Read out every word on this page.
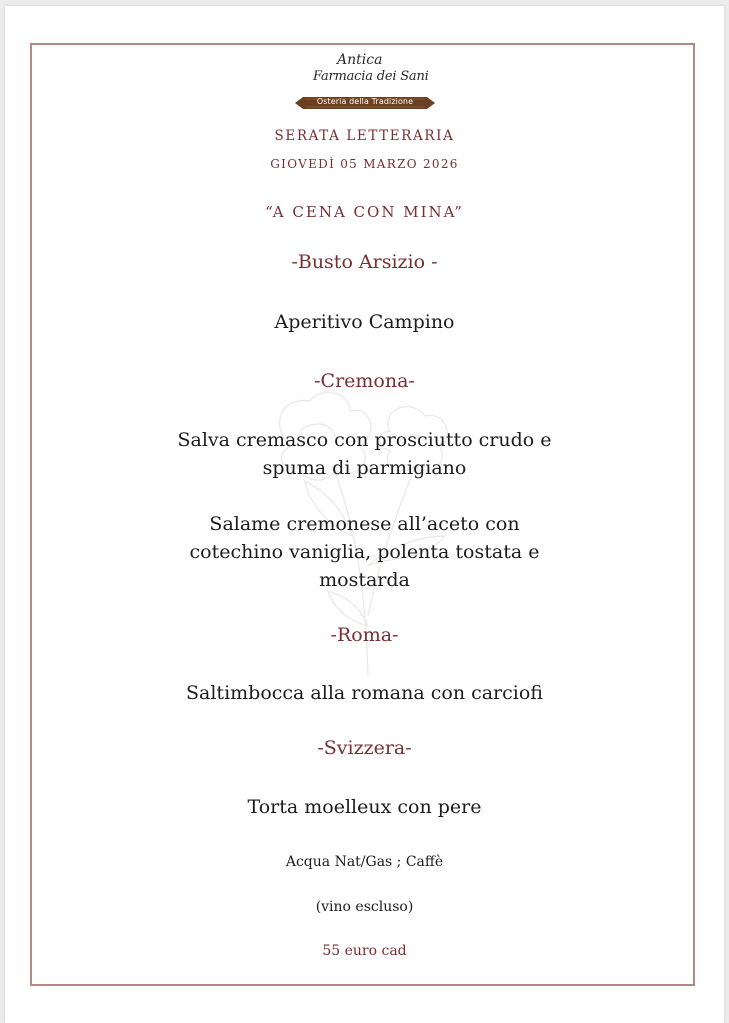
Antica
Farmacia dei Sani
Osteria della Tradizione
SERATA LETTERARIA
GIOVEDÌ 05 MARZO 2026
“A CENA CON MINA”
-Busto Arsizio -
Aperitivo Campino
-Cremona-
Salva cremasco con prosciutto crudo e
spuma di parmigiano
Salame cremonese all’aceto con
cotechino vaniglia, polenta tostata e
mostarda
-Roma-
Saltimbocca alla romana con carciofi
-Svizzera-
Torta moelleux con pere
Acqua Nat/Gas ; Caffè
(vino escluso)
55 euro cad
